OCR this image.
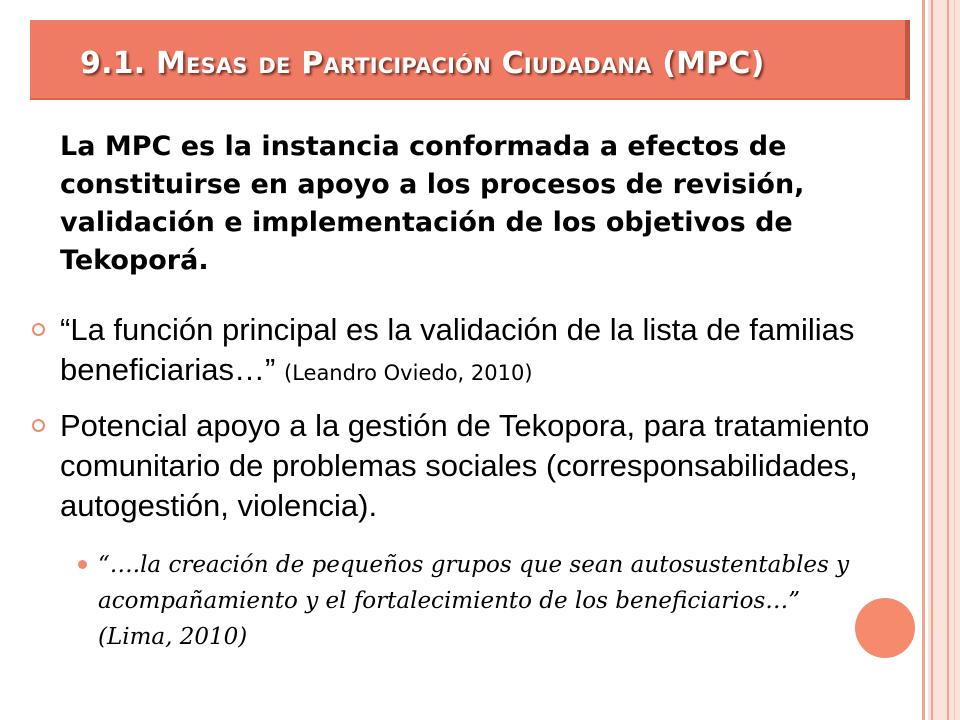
9.1. Mesas de Participación Ciudadana (MPC)
La MPC es la instancia conformada a efectos de constituirse en apoyo a los procesos de revisión, validación e implementación de los objetivos de Tekoporá.
“La función principal es la validación de la lista de familias beneficiarias…” (Leandro Oviedo, 2010)
Potencial apoyo a la gestión de Tekopora, para tratamiento comunitario de problemas sociales (corresponsabilidades, autogestión, violencia).
“….la creación de pequeños grupos que sean autosustentables y acompañamiento y el fortalecimiento de los beneficiarios…” (Lima, 2010)
